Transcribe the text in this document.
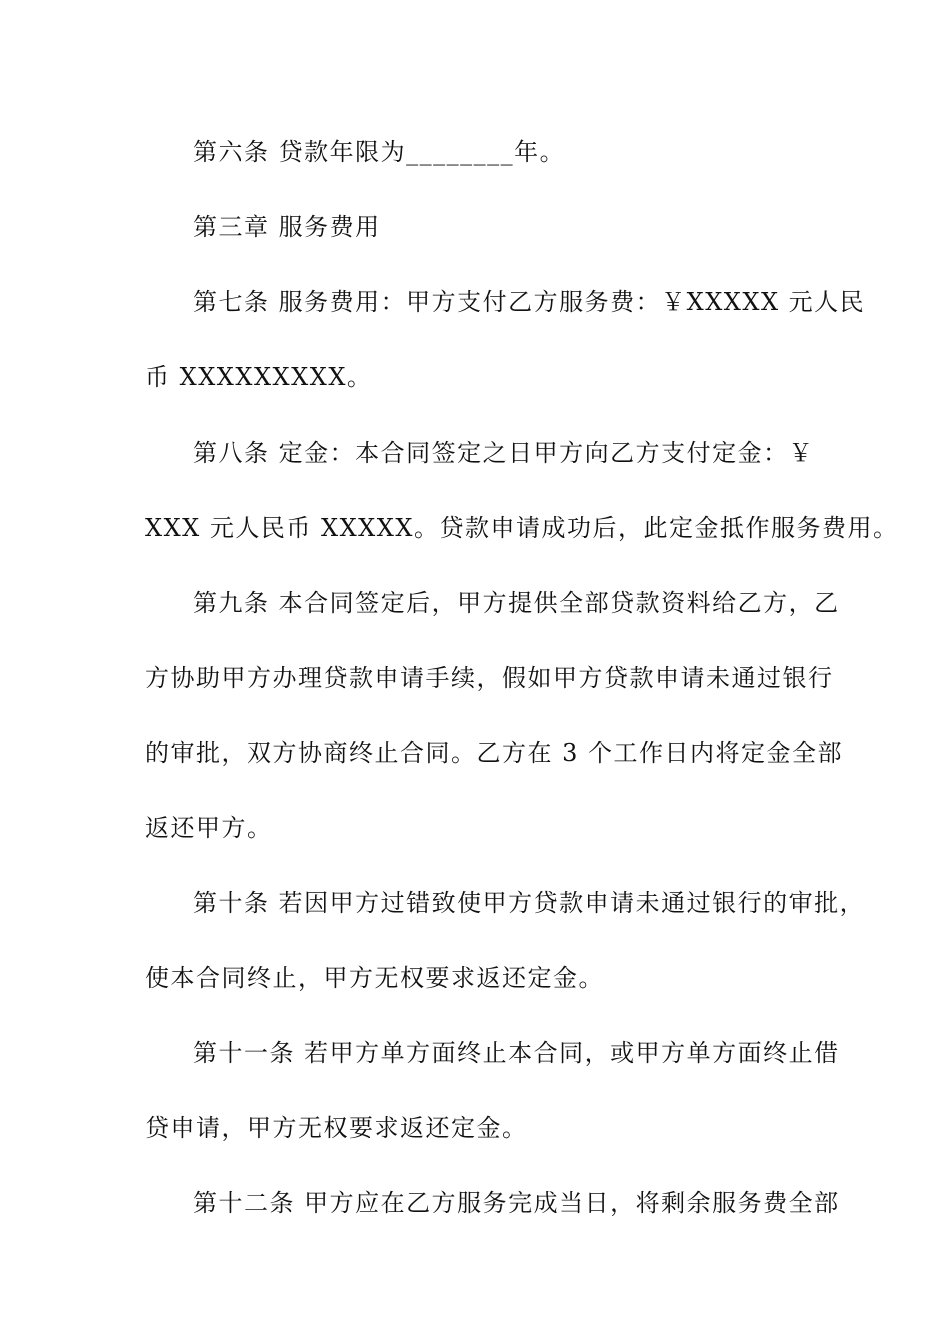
第六条 贷款年限为________年。
第三章 服务费用
第七条 服务费用：甲方支付乙方服务费：￥XXXXX 元人民
币 XXXXXXXXX。
第八条 定金：本合同签定之日甲方向乙方支付定金：￥
XXX 元人民币 XXXXX。贷款申请成功后，此定金抵作服务费用。
第九条 本合同签定后，甲方提供全部贷款资料给乙方，乙
方协助甲方办理贷款申请手续，假如甲方贷款申请未通过银行
的审批，双方协商终止合同。乙方在 3 个工作日内将定金全部
返还甲方。
第十条 若因甲方过错致使甲方贷款申请未通过银行的审批，
使本合同终止，甲方无权要求返还定金。
第十一条 若甲方单方面终止本合同，或甲方单方面终止借
贷申请，甲方无权要求返还定金。
第十二条 甲方应在乙方服务完成当日，将剩余服务费全部
